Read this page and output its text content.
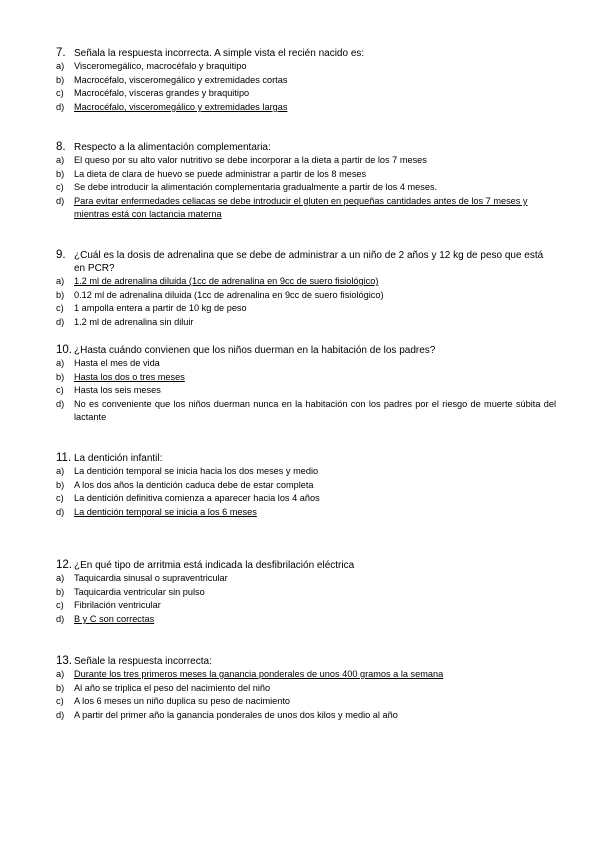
7. Señala la respuesta incorrecta. A simple vista el recién nacido es:
a)	Visceromegálico, macrocéfalo y braquitipo
b)	Macrocéfalo, visceromegálico y extremidades cortas
c)	Macrocéfalo, vísceras grandes y braquitipo
d)	Macrocéfalo, visceromegálico y extremidades largas
8. Respecto a la alimentación complementaria:
a)	El queso por su alto valor nutritivo se debe incorporar a la dieta a partir de los 7 meses
b)	La dieta de clara de huevo se puede administrar a partir de los 8 meses
c)	Se debe introducir la alimentación complementaria gradualmente a partir de los 4 meses.
d)	Para evitar enfermedades celiacas se debe introducir el gluten en pequeñas cantidades antes de los 7 meses y mientras está con lactancia materna
9. ¿Cuál es la dosis de adrenalina que se debe de administrar a un niño de 2 años y 12 kg de peso que está en PCR?
a)	1.2 ml de adrenalina diluida (1cc de adrenalina en 9cc de suero fisiológico)
b)	0.12 ml de adrenalina diluida (1cc de adrenalina en 9cc de suero fisiológico)
c)	1 ampolla entera a partir de 10 kg de peso
d)	1.2 ml de adrenalina sin diluir
10. ¿Hasta cuándo convienen que los niños duerman en la habitación de los padres?
a)	Hasta el mes de vida
b)	Hasta los dos o tres meses
c)	Hasta los seis meses
d)	No es conveniente que los niños duerman nunca en la habitación con los padres por el riesgo de muerte súbita del lactante
11. La dentición infantil:
a)	La dentición temporal se inicia hacia los dos meses y medio
b)	A los dos años la dentición caduca debe de estar completa
c)	La dentición definitiva comienza a aparecer hacia los 4 años
d)	La dentición temporal se inicia a los 6 meses
12. ¿En qué tipo de arritmia está indicada la desfibrilación eléctrica
a)	Taquicardia sinusal o supraventricular
b)	Taquicardia ventricular sin pulso
c)	Fibrilación ventricular
d)	B y C son correctas
13. Señale la respuesta incorrecta:
a)	Durante los tres primeros meses la ganancia ponderales de unos 400 gramos a la semana
b)	Al año se triplica el peso del nacimiento del niño
c)	A los 6 meses un niño duplica su peso de nacimiento
d)	A partir del primer año la ganancia ponderales de unos dos kilos y medio al año
